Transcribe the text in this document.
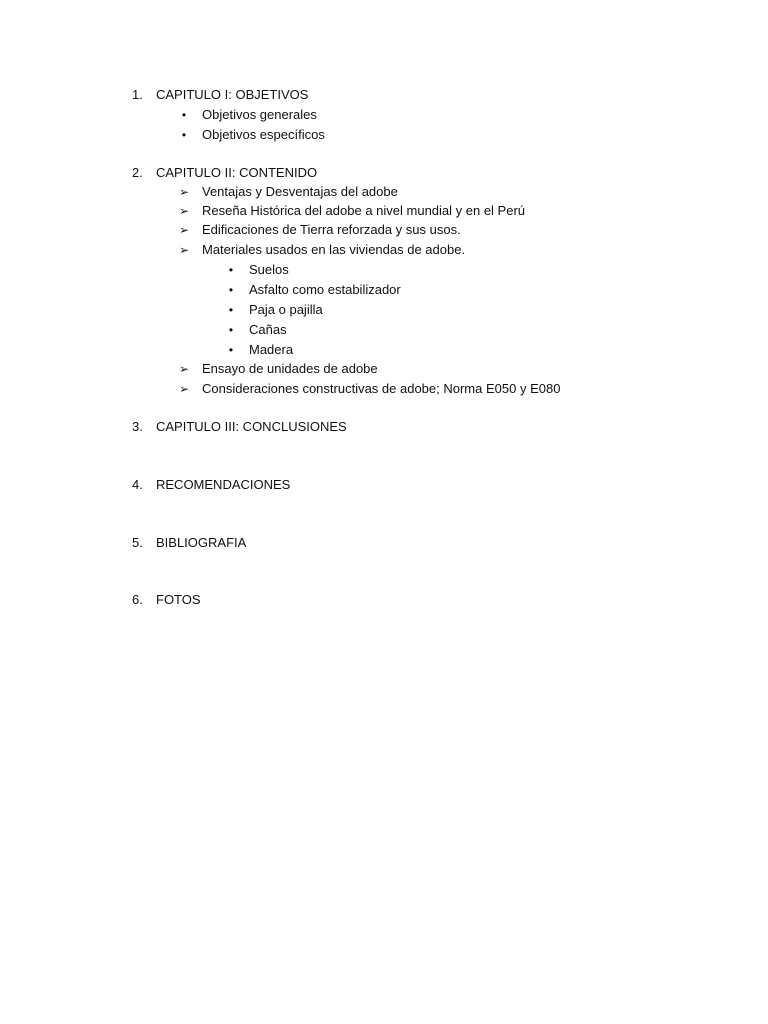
1. CAPITULO I: OBJETIVOS
•	Objetivos generales
•	Objetivos específicos
2. CAPITULO II: CONTENIDO
➢ Ventajas y Desventajas del adobe
➢ Reseña Histórica del adobe a nivel mundial y en el Perú
➢ Edificaciones de Tierra reforzada y sus usos.
➢ Materiales usados en las viviendas de adobe.
•	Suelos
•	Asfalto como estabilizador
•	Paja o pajilla
•	Cañas
•	Madera
➢ Ensayo de unidades de adobe
➢ Consideraciones constructivas de adobe; Norma E050 y E080
3. CAPITULO III: CONCLUSIONES
4. RECOMENDACIONES
5. BIBLIOGRAFIA
6. FOTOS
